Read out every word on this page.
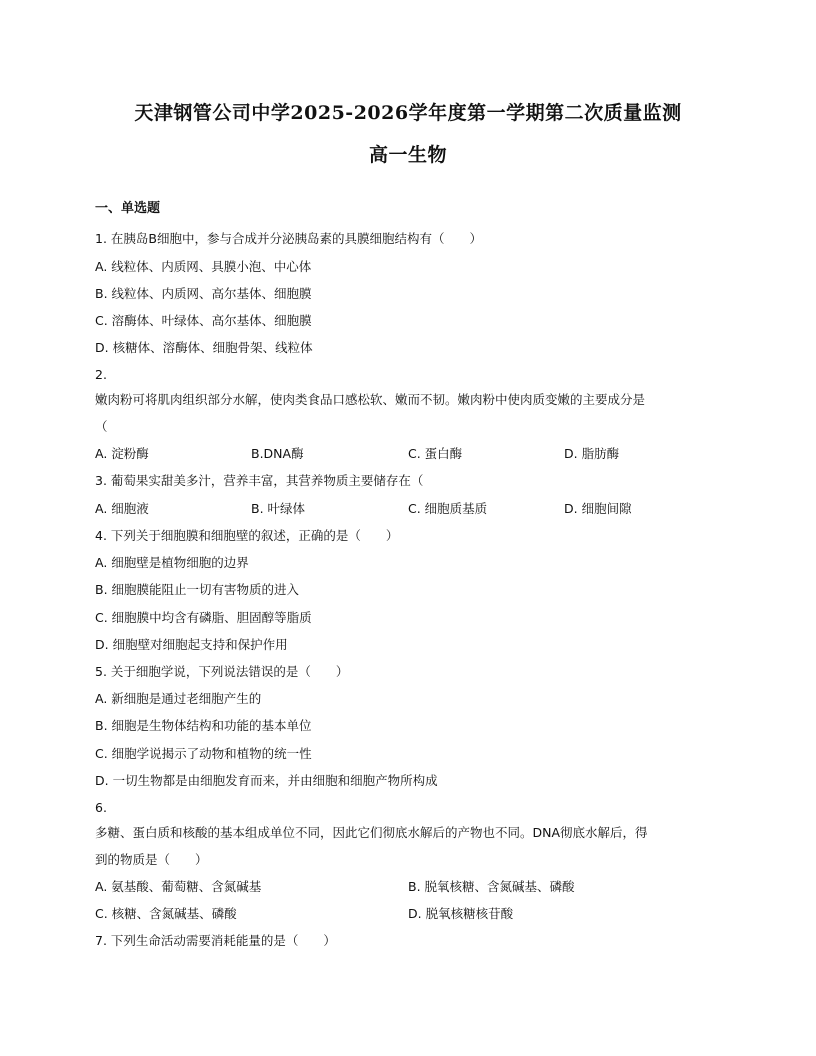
天津钢管公司中学2025-2026学年度第一学期第二次质量监测
高一生物
一、单选题
1. 在胰岛B细胞中，参与合成并分泌胰岛素的具膜细胞结构有（　　）
A. 线粒体、内质网、具膜小泡、中心体
B. 线粒体、内质网、高尔基体、细胞膜
C. 溶酶体、叶绿体、高尔基体、细胞膜
D. 核糖体、溶酶体、细胞骨架、线粒体
2.
嫩肉粉可将肌肉组织部分水解，使肉类食品口感松软、嫩而不韧。嫩肉粉中使肉质变嫩的主要成分是
（
A. 淀粉酶	B.DNA酶	C. 蛋白酶	D. 脂肪酶
3. 葡萄果实甜美多汁，营养丰富，其营养物质主要储存在（
A. 细胞液	B. 叶绿体	C. 细胞质基质	D. 细胞间隙
4. 下列关于细胞膜和细胞壁的叙述，正确的是（　　）
A. 细胞壁是植物细胞的边界
B. 细胞膜能阻止一切有害物质的进入
C. 细胞膜中均含有磷脂、胆固醇等脂质
D. 细胞壁对细胞起支持和保护作用
5. 关于细胞学说，下列说法错误的是（　　）
A. 新细胞是通过老细胞产生的
B. 细胞是生物体结构和功能的基本单位
C. 细胞学说揭示了动物和植物的统一性
D. 一切生物都是由细胞发育而来，并由细胞和细胞产物所构成
6.
多糖、蛋白质和核酸的基本组成单位不同，因此它们彻底水解后的产物也不同。DNA彻底水解后，得
到的物质是（　　）
A. 氨基酸、葡萄糖、含氮碱基	B. 脱氧核糖、含氮碱基、磷酸
C. 核糖、含氮碱基、磷酸	D. 脱氧核糖核苷酸
7. 下列生命活动需要消耗能量的是（　　）
